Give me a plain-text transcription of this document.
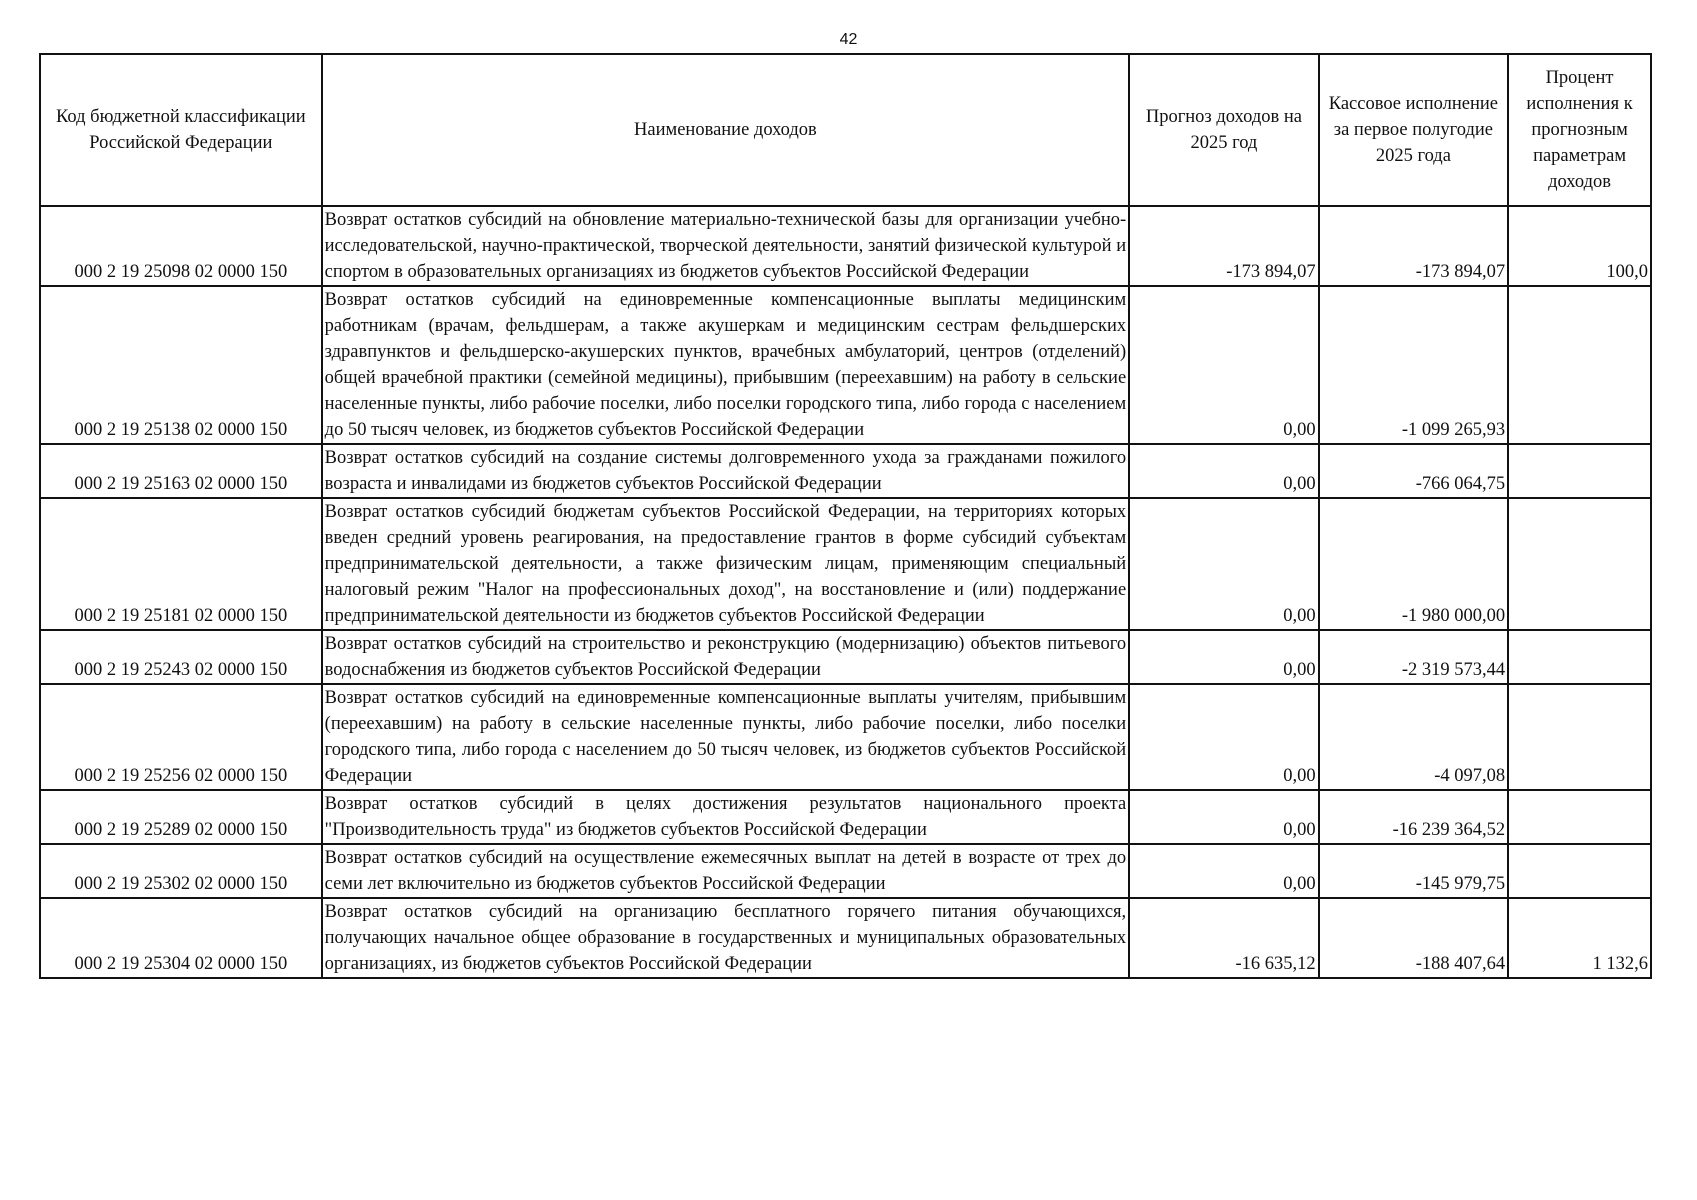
42
Код бюджетной классификации Российской Федерации	Наименование доходов	Прогноз доходов на 2025 год	Кассовое исполнение за первое полугодие 2025 года	Процент исполнения к прогнозным параметрам доходов
000 2 19 25098 02 0000 150	Возврат остатков субсидий на обновление материально-технической базы для организации учебно-исследовательской, научно-практической, творческой деятельности, занятий физической культурой и спортом в образовательных организациях из бюджетов субъектов Российской Федерации	-173 894,07	-173 894,07	100,0
000 2 19 25138 02 0000 150	Возврат остатков субсидий на единовременные компенсационные выплаты медицинским работникам (врачам, фельдшерам, а также акушеркам и медицинским сестрам фельдшерских здравпунктов и фельдшерско-акушерских пунктов, врачебных амбулаторий, центров (отделений) общей врачебной практики (семейной медицины), прибывшим (переехавшим) на работу в сельские населенные пункты, либо рабочие поселки, либо поселки городского типа, либо города с населением до 50 тысяч человек, из бюджетов субъектов Российской Федерации	0,00	-1 099 265,93	
000 2 19 25163 02 0000 150	Возврат остатков субсидий на создание системы долговременного ухода за гражданами пожилого возраста и инвалидами из бюджетов субъектов Российской Федерации	0,00	-766 064,75	
000 2 19 25181 02 0000 150	Возврат остатков субсидий бюджетам субъектов Российской Федерации, на территориях которых введен средний уровень реагирования, на предоставление грантов в форме субсидий субъектам предпринимательской деятельности, а также физическим лицам, применяющим специальный налоговый режим "Налог на профессиональных доход", на восстановление и (или) поддержание предпринимательской деятельности из бюджетов субъектов Российской Федерации	0,00	-1 980 000,00	
000 2 19 25243 02 0000 150	Возврат остатков субсидий на строительство и реконструкцию (модернизацию) объектов питьевого водоснабжения из бюджетов субъектов Российской Федерации	0,00	-2 319 573,44	
000 2 19 25256 02 0000 150	Возврат остатков субсидий на единовременные компенсационные выплаты учителям, прибывшим (переехавшим) на работу в сельские населенные пункты, либо рабочие поселки, либо поселки городского типа, либо города с населением до 50 тысяч человек, из бюджетов субъектов Российской Федерации	0,00	-4 097,08	
000 2 19 25289 02 0000 150	Возврат остатков субсидий в целях достижения результатов национального проекта "Производительность труда" из бюджетов субъектов Российской Федерации	0,00	-16 239 364,52	
000 2 19 25302 02 0000 150	Возврат остатков субсидий на осуществление ежемесячных выплат на детей в возрасте от трех до семи лет включительно из бюджетов субъектов Российской Федерации	0,00	-145 979,75	
000 2 19 25304 02 0000 150	Возврат остатков субсидий на организацию бесплатного горячего питания обучающихся, получающих начальное общее образование в государственных и муниципальных образовательных организациях, из бюджетов субъектов Российской Федерации	-16 635,12	-188 407,64	1 132,6
